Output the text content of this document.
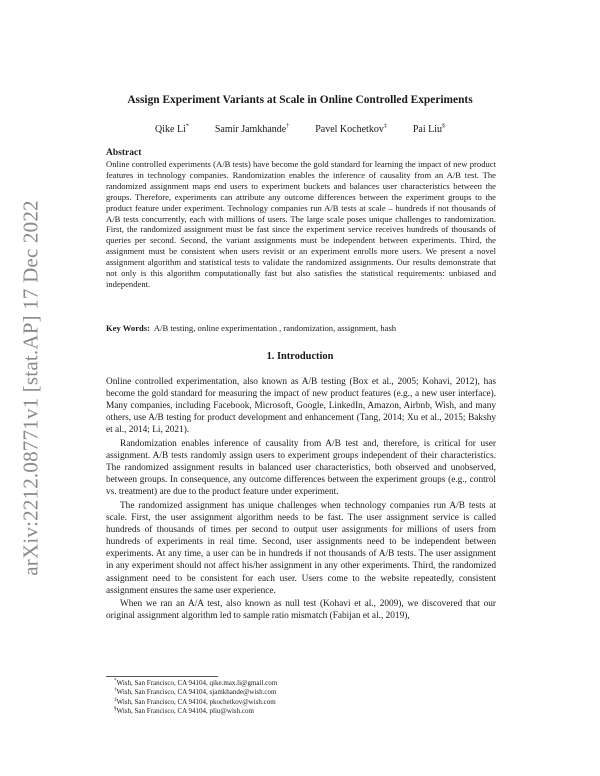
arXiv:2212.08771v1 [stat.AP] 17 Dec 2022
Assign Experiment Variants at Scale in Online Controlled Experiments
Qike Li*	Samir Jamkhande†	Pavel Kochetkov‡	Pai Liu§
Abstract

Online controlled experiments (A/B tests) have become the gold standard for learning the impact of new product features in technology companies. Randomization enables the inference of causality from an A/B test. The randomized assignment maps end users to experiment buckets and balances user characteristics between the groups. Therefore, experiments can attribute any outcome differences between the experiment groups to the product feature under experiment. Technology companies run A/B tests at scale – hundreds if not thousands of A/B tests concurrently, each with millions of users. The large scale poses unique challenges to randomization. First, the randomized assignment must be fast since the experiment service receives hundreds of thousands of queries per second. Second, the variant assignments must be independent between experiments. Third, the assignment must be consistent when users revisit or an experiment enrolls more users. We present a novel assignment algorithm and statistical tests to validate the randomized assignments. Our results demonstrate that not only is this algorithm computationally fast but also satisfies the statistical requirements: unbiased and independent.

Key Words: A/B testing, online experimentation , randomization, assignment, hash
1. Introduction

Online controlled experimentation, also known as A/B testing (Box et al., 2005; Kohavi, 2012), has become the gold standard for measuring the impact of new product features (e.g., a new user interface). Many companies, including Facebook, Microsoft, Google, LinkedIn, Amazon, Airbnb, Wish, and many others, use A/B testing for product development and enhancement (Tang, 2014; Xu et al., 2015; Bakshy et al., 2014; Li, 2021).

Randomization enables inference of causality from A/B test and, therefore, is critical for user assignment. A/B tests randomly assign users to experiment groups independent of their characteristics. The randomized assignment results in balanced user characteristics, both observed and unobserved, between groups. In consequence, any outcome differences between the experiment groups (e.g., control vs. treatment) are due to the product feature under experiment.

The randomized assignment has unique challenges when technology companies run A/B tests at scale. First, the user assignment algorithm needs to be fast. The user assignment service is called hundreds of thousands of times per second to output user assignments for millions of users from hundreds of experiments in real time. Second, user assignments need to be independent between experiments. At any time, a user can be in hundreds if not thousands of A/B tests. The user assignment in any experiment should not affect his/her assignment in any other experiments. Third, the randomized assignment need to be consistent for each user. Users come to the website repeatedly, consistent assignment ensures the same user experience.

When we ran an A/A test, also known as null test (Kohavi et al., 2009), we discovered that our original assignment algorithm led to sample ratio mismatch (Fabijan et al., 2019),

*Wish, San Francisco, CA 94104, qike.max.li@gmail.com
†Wish, San Francisco, CA 94104, sjamkhande@wish.com
‡Wish, San Francisco, CA 94104, pkochetkov@wish.com
§Wish, San Francisco, CA 94104, pliu@wish.com
